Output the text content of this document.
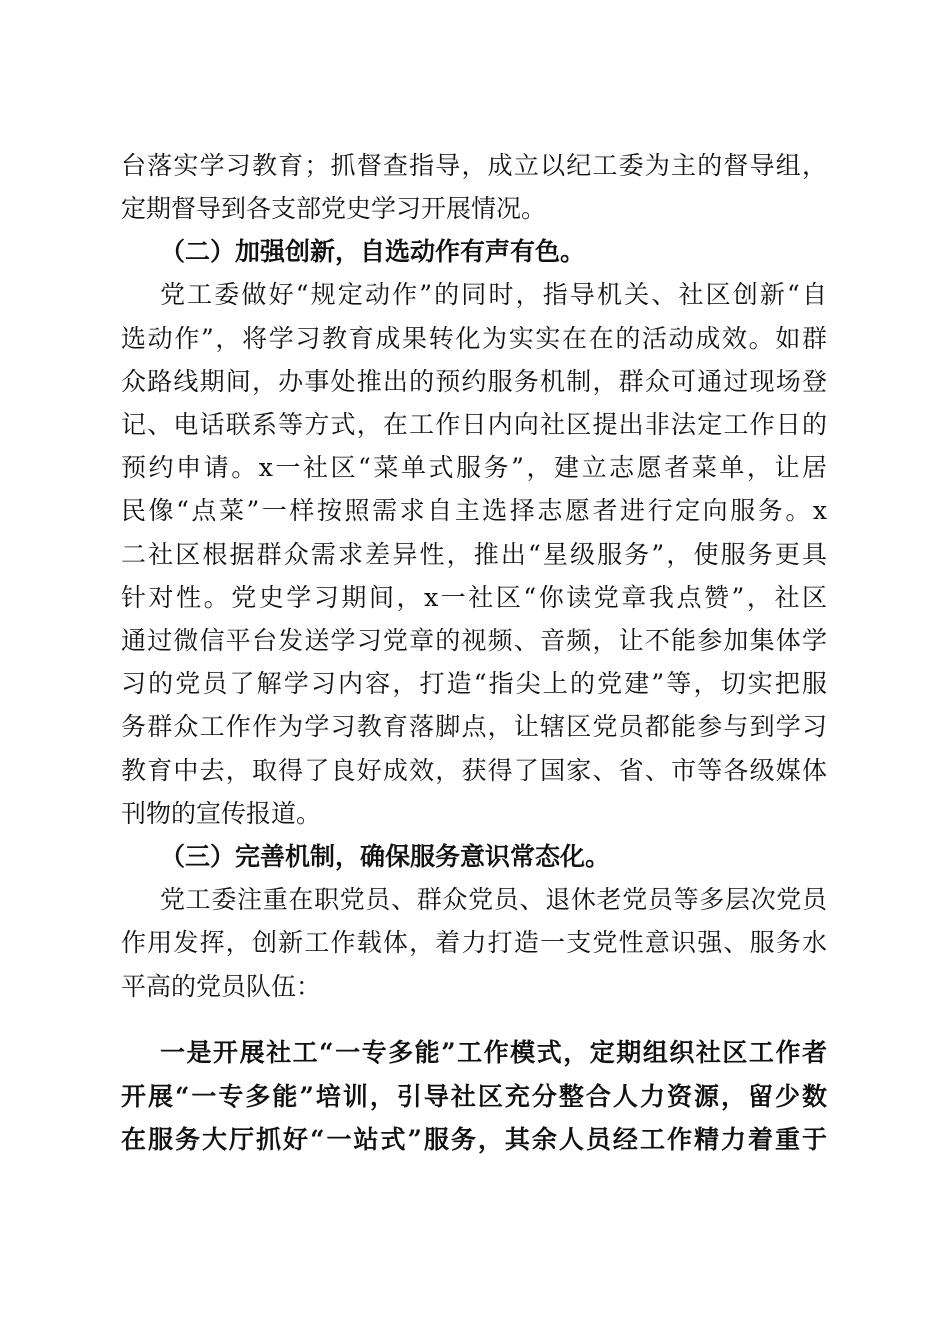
台落实学习教育；抓督查指导，成立以纪工委为主的督导组，
定期督导到各支部党史学习开展情况。
（二）加强创新，自选动作有声有色。
党工委做好“规定动作”的同时，指导机关、社区创新“自
选动作”，将学习教育成果转化为实实在在的活动成效。如群
众路线期间，办事处推出的预约服务机制，群众可通过现场登
记、电话联系等方式，在工作日内向社区提出非法定工作日的
预约申请。x一社区“菜单式服务”，建立志愿者菜单，让居
民像“点菜”一样按照需求自主选择志愿者进行定向服务。x
二社区根据群众需求差异性，推出“星级服务”，使服务更具
针对性。党史学习期间，x一社区“你读党章我点赞”，社区
通过微信平台发送学习党章的视频、音频，让不能参加集体学
习的党员了解学习内容，打造“指尖上的党建”等，切实把服
务群众工作作为学习教育落脚点，让辖区党员都能参与到学习
教育中去，取得了良好成效，获得了国家、省、市等各级媒体
刊物的宣传报道。
（三）完善机制，确保服务意识常态化。
党工委注重在职党员、群众党员、退休老党员等多层次党员
作用发挥，创新工作载体，着力打造一支党性意识强、服务水
平高的党员队伍：
一是开展社工“一专多能”工作模式，定期组织社区工作者
开展“一专多能”培训，引导社区充分整合人力资源，留少数
在服务大厅抓好“一站式”服务，其余人员经工作精力着重于
